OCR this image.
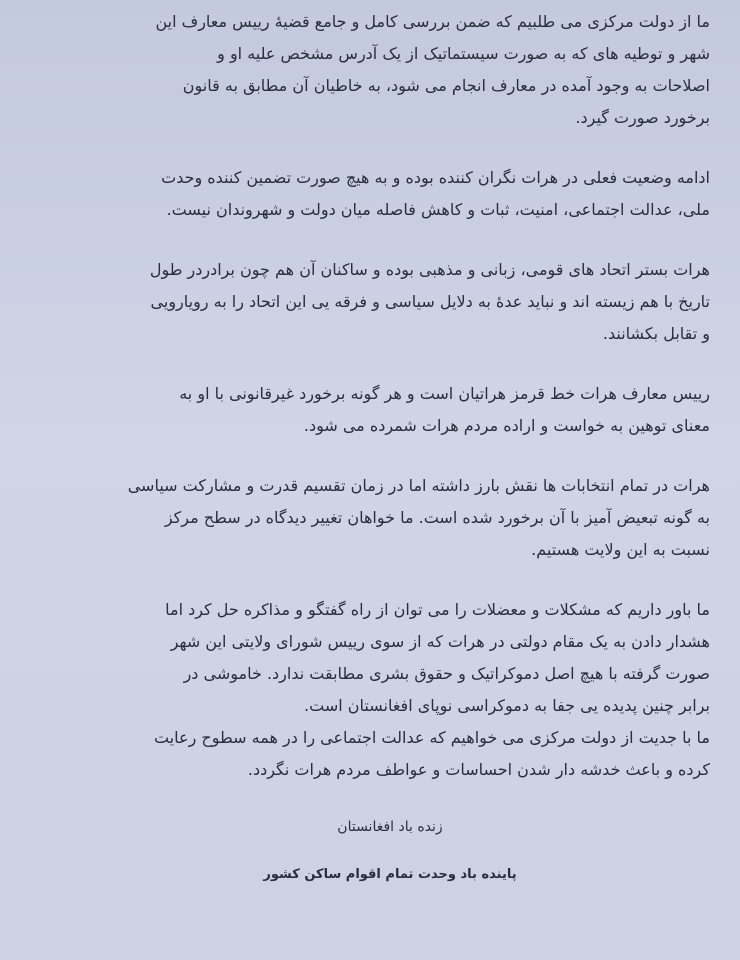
ما از دولت مرکزی می طلبیم که ضمن بررسی کامل و جامع قضیهٔ رییس معارف این
شهر و توطیه های که به صورت سیستماتیک از یک آدرس مشخص علیه او و
اصلاحات به وجود آمده در معارف انجام می شود، به خاطیان آن مطابق به قانون
برخورد صورت گیرد.
ادامه وضعیت فعلی در هرات نگران کننده بوده و به هیچ صورت تضمین کننده وحدت
ملی، عدالت اجتماعی، امنیت، ثبات و کاهش فاصله میان دولت و شهروندان نیست.
هرات بستر اتحاد های قومی، زبانی و مذهبی بوده و ساکنان آن هم چون برادردر طول
تاریخ با هم زیسته اند و نباید عدهٔ به دلایل سیاسی و فرقه یی این اتحاد را به رویارویی
و تقابل بکشانند.
رییس معارف هرات خط قرمز هراتیان است و هر گونه برخورد غیرقانونی با او به
معنای توهین به خواست و اراده مردم هرات شمرده می شود.
هرات در تمام انتخابات ها نقش بارز داشته اما در زمان تقسیم قدرت و مشارکت سیاسی
به گونه تبعیض آمیز با آن برخورد شده است. ما خواهان تغییر دیدگاه در سطح مرکز
نسبت به این ولایت هستیم.
ما باور داریم که مشکلات و معضلات را می توان از راه گفتگو و مذاکره حل کرد اما
هشدار دادن به یک مقام دولتی در هرات که از سوی رییس شورای ولایتی این شهر
صورت گرفته با هیچ اصل دموکراتیک و حقوق بشری مطابقت ندارد. خاموشی در
برابر چنین پدیده یی جفا به دموکراسی نوپای افغانستان است.
ما با جدیت از دولت مرکزی می خواهیم که عدالت اجتماعی را در همه سطوح رعایت
کرده و باعث خدشه دار شدن احساسات و عواطف مردم هرات نگردد.
زنده باد افغانستان
پاینده باد وحدت تمام اقوام ساکن کشور
